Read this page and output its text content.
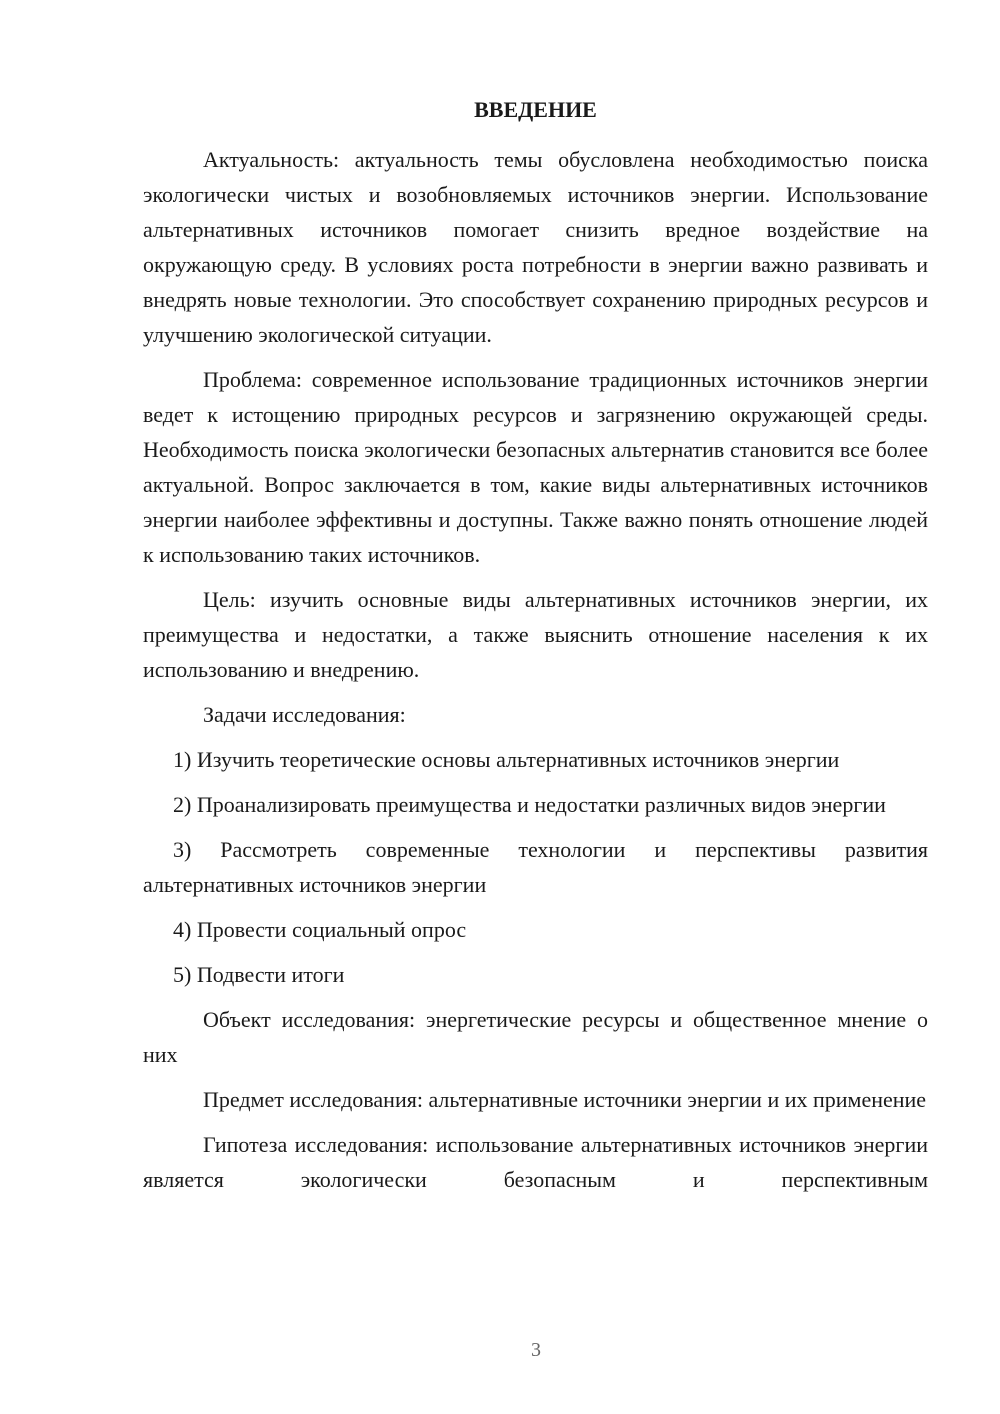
ВВЕДЕНИЕ

Актуальность: актуальность темы обусловлена необходимостью поиска экологически чистых и возобновляемых источников энергии. Использование альтернативных источников помогает снизить вредное воздействие на окружающую среду. В условиях роста потребности в энергии важно развивать и внедрять новые технологии. Это способствует сохранению природных ресурсов и улучшению экологической ситуации.

Проблема: современное использование традиционных источников энергии ведет к истощению природных ресурсов и загрязнению окружающей среды. Необходимость поиска экологически безопасных альтернатив становится все более актуальной. Вопрос заключается в том, какие виды альтернативных источников энергии наиболее эффективны и доступны. Также важно понять отношение людей к использованию таких источников.

Цель: изучить основные виды альтернативных источников энергии, их преимущества и недостатки, а также выяснить отношение населения к их использованию и внедрению.

Задачи исследования:

1) Изучить теоретические основы альтернативных источников энергии

2) Проанализировать преимущества и недостатки различных видов энергии

3) Рассмотреть современные технологии и перспективы развития альтернативных источников энергии

4) Провести социальный опрос

5) Подвести итоги

Объект исследования: энергетические ресурсы и общественное мнение о них

Предмет исследования: альтернативные источники энергии и их применение

Гипотеза исследования: использование альтернативных источников энергии является экологически безопасным и перспективным

3
